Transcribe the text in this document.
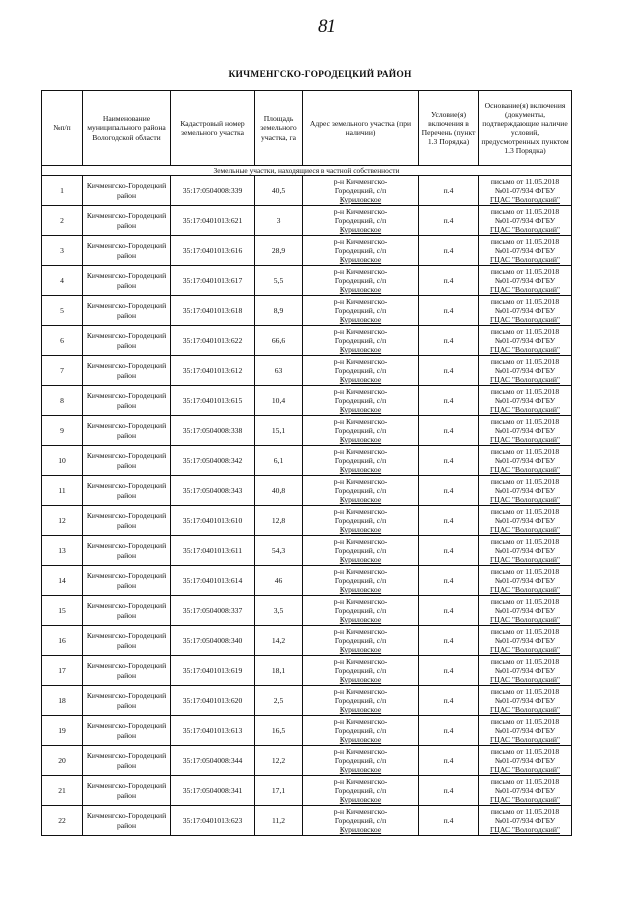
81
КИЧМЕНГСКО-ГОРОДЕЦКИЙ РАЙОН
№п/п	Наименование муниципального района Вологодской области	Кадастровый номер земельного участка	Площадь земельного участка, га	Адрес земельного участка (при наличии)	Условие(я) включения в Перечень (пункт 1.3 Порядка)	Основание(я) включения (документы, подтверждающие наличие условий, предусмотренных пунктом 1.3 Порядка)
Земельные участки, находящиеся в частной собственности						
1	Кичменгско-Городецкий район	35:17:0504008:339	40,5	р-н Кичменгско-
Городецкий, с/п
Куриловское	п.4	письмо от 11.05.2018
№01-07/934 ФГБУ
ГЦАС "Вологодский"

2	Кичменгско-Городецкий район	35:17:0401013:621	3	р-н Кичменгско-
Городецкий, с/п
Куриловское	п.4	письмо от 11.05.2018
№01-07/934 ФГБУ
ГЦАС "Вологодский"

3	Кичменгско-Городецкий район	35:17:0401013:616	28,9	р-н Кичменгско-
Городецкий, с/п
Куриловское	п.4	письмо от 11.05.2018
№01-07/934 ФГБУ
ГЦАС "Вологодский"

4	Кичменгско-Городецкий район	35:17:0401013:617	5,5	р-н Кичменгско-
Городецкий, с/п
Куриловское	п.4	письмо от 11.05.2018
№01-07/934 ФГБУ
ГЦАС "Вологодский"

5	Кичменгско-Городецкий район	35:17:0401013:618	8,9	р-н Кичменгско-
Городецкий, с/п
Куриловское	п.4	письмо от 11.05.2018
№01-07/934 ФГБУ
ГЦАС "Вологодский"

6	Кичменгско-Городецкий район	35:17:0401013:622	66,6	р-н Кичменгско-
Городецкий, с/п
Куриловское	п.4	письмо от 11.05.2018
№01-07/934 ФГБУ
ГЦАС "Вологодский"

7	Кичменгско-Городецкий район	35:17:0401013:612	63	р-н Кичменгско-
Городецкий, с/п
Куриловское	п.4	письмо от 11.05.2018
№01-07/934 ФГБУ
ГЦАС "Вологодский"

8	Кичменгско-Городецкий район	35:17:0401013:615	10,4	р-н Кичменгско-
Городецкий, с/п
Куриловское	п.4	письмо от 11.05.2018
№01-07/934 ФГБУ
ГЦАС "Вологодский"

9	Кичменгско-Городецкий район	35:17:0504008:338	15,1	р-н Кичменгско-
Городецкий, с/п
Куриловское	п.4	письмо от 11.05.2018
№01-07/934 ФГБУ
ГЦАС "Вологодский"

10	Кичменгско-Городецкий район	35:17:0504008:342	6,1	р-н Кичменгско-
Городецкий, с/п
Куриловское	п.4	письмо от 11.05.2018
№01-07/934 ФГБУ
ГЦАС "Вологодский"

11	Кичменгско-Городецкий район	35:17:0504008:343	40,8	р-н Кичменгско-
Городецкий, с/п
Куриловское	п.4	письмо от 11.05.2018
№01-07/934 ФГБУ
ГЦАС "Вологодский"

12	Кичменгско-Городецкий район	35:17:0401013:610	12,8	р-н Кичменгско-
Городецкий, с/п
Куриловское	п.4	письмо от 11.05.2018
№01-07/934 ФГБУ
ГЦАС "Вологодский"

13	Кичменгско-Городецкий район	35:17:0401013:611	54,3	р-н Кичменгско-
Городецкий, с/п
Куриловское	п.4	письмо от 11.05.2018
№01-07/934 ФГБУ
ГЦАС "Вологодский"

14	Кичменгско-Городецкий район	35:17:0401013:614	46	р-н Кичменгско-
Городецкий, с/п
Куриловское	п.4	письмо от 11.05.2018
№01-07/934 ФГБУ
ГЦАС "Вологодский"

15	Кичменгско-Городецкий район	35:17:0504008:337	3,5	р-н Кичменгско-
Городецкий, с/п
Куриловское	п.4	письмо от 11.05.2018
№01-07/934 ФГБУ
ГЦАС "Вологодский"

16	Кичменгско-Городецкий район	35:17:0504008:340	14,2	р-н Кичменгско-
Городецкий, с/п
Куриловское	п.4	письмо от 11.05.2018
№01-07/934 ФГБУ
ГЦАС "Вологодский"

17	Кичменгско-Городецкий район	35:17:0401013:619	18,1	р-н Кичменгско-
Городецкий, с/п
Куриловское	п.4	письмо от 11.05.2018
№01-07/934 ФГБУ
ГЦАС "Вологодский"

18	Кичменгско-Городецкий район	35:17:0401013:620	2,5	р-н Кичменгско-
Городецкий, с/п
Куриловское	п.4	письмо от 11.05.2018
№01-07/934 ФГБУ
ГЦАС "Вологодский"

19	Кичменгско-Городецкий район	35:17:0401013:613	16,5	р-н Кичменгско-
Городецкий, с/п
Куриловское	п.4	письмо от 11.05.2018
№01-07/934 ФГБУ
ГЦАС "Вологодский"

20	Кичменгско-Городецкий район	35:17:0504008:344	12,2	р-н Кичменгско-
Городецкий, с/п
Куриловское	п.4	письмо от 11.05.2018
№01-07/934 ФГБУ
ГЦАС "Вологодский"

21	Кичменгско-Городецкий район	35:17:0504008:341	17,1	р-н Кичменгско-
Городецкий, с/п
Куриловское	п.4	письмо от 11.05.2018
№01-07/934 ФГБУ
ГЦАС "Вологодский"

22	Кичменгско-Городецкий район	35:17:0401013:623	11,2	р-н Кичменгско-
Городецкий, с/п
Куриловское	п.4	письмо от 11.05.2018
№01-07/934 ФГБУ
ГЦАС "Вологодский"
